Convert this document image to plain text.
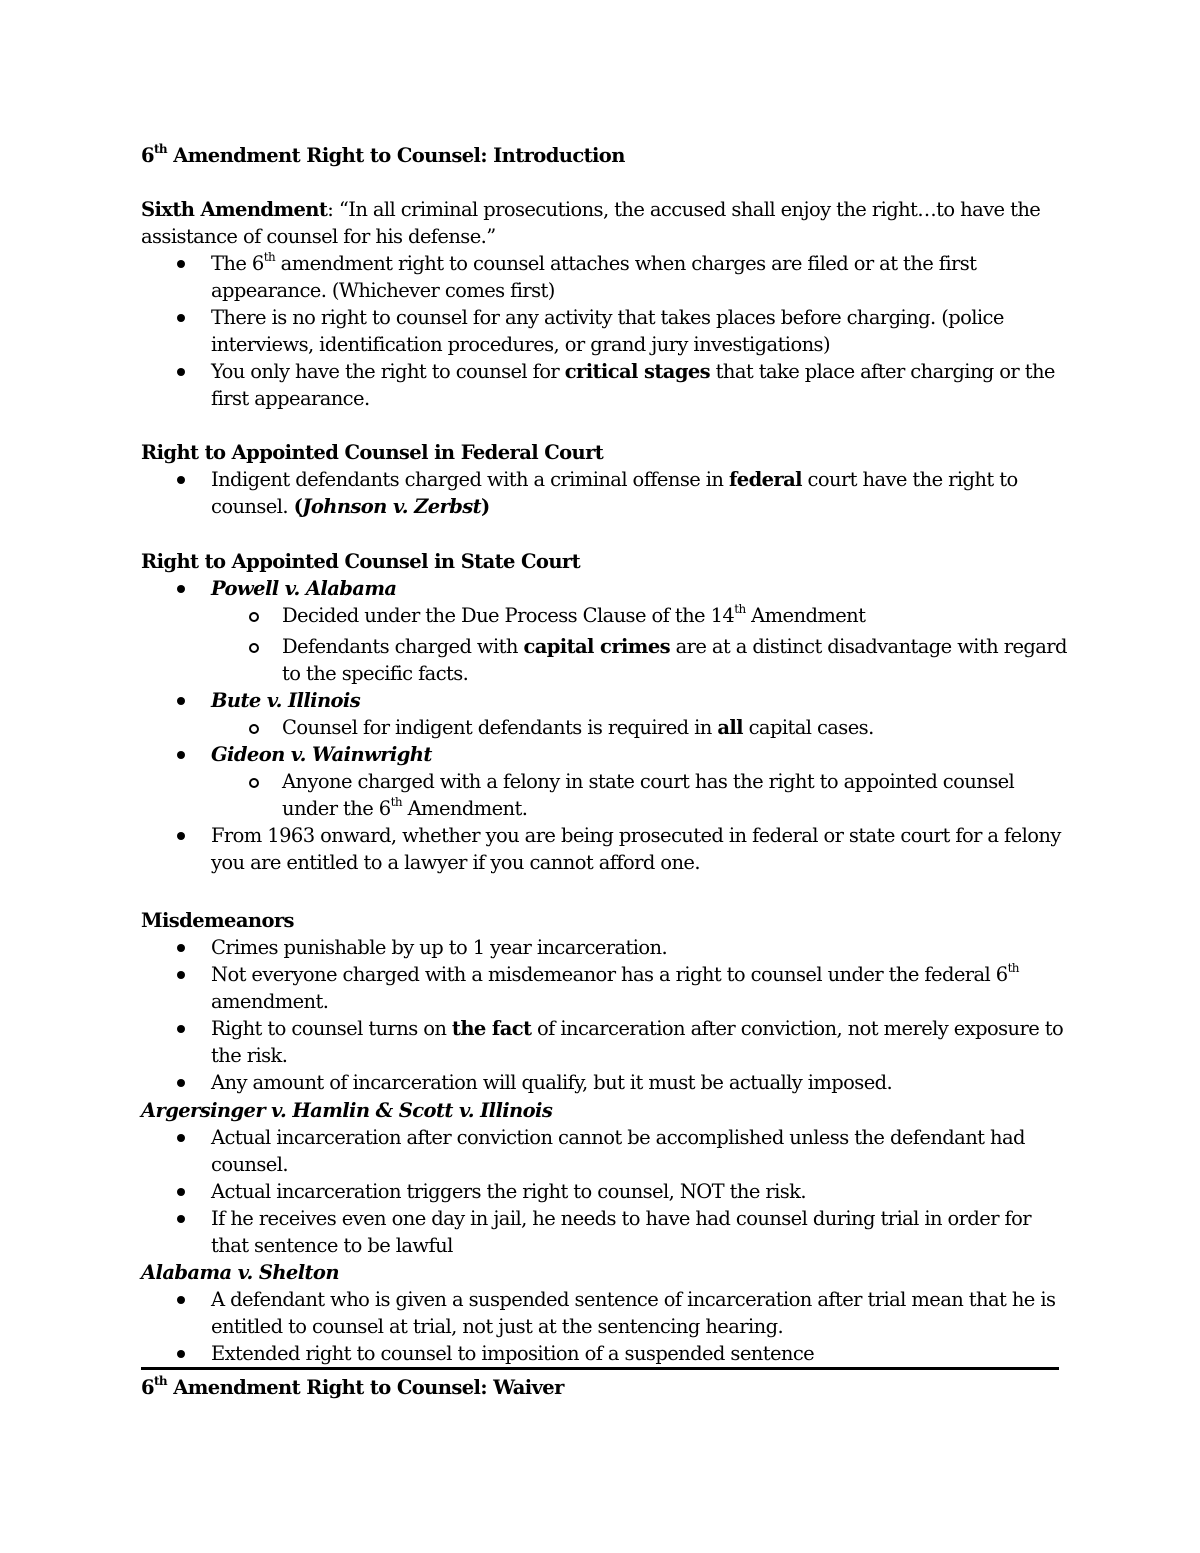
6th Amendment Right to Counsel: Introduction
Sixth Amendment: “In all criminal prosecutions, the accused shall enjoy the right…to have the assistance of counsel for his defense.”
The 6th amendment right to counsel attaches when charges are filed or at the first appearance. (Whichever comes first)
There is no right to counsel for any activity that takes places before charging. (police interviews, identification procedures, or grand jury investigations)
You only have the right to counsel for critical stages that take place after charging or the first appearance.
Right to Appointed Counsel in Federal Court
Indigent defendants charged with a criminal offense in federal court have the right to counsel. (Johnson v. Zerbst)
Right to Appointed Counsel in State Court
Powell v. Alabama
Decided under the Due Process Clause of the 14th Amendment
Defendants charged with capital crimes are at a distinct disadvantage with regard to the specific facts.
Bute v. Illinois
Counsel for indigent defendants is required in all capital cases.
Gideon v. Wainwright
Anyone charged with a felony in state court has the right to appointed counsel under the 6th Amendment.
From 1963 onward, whether you are being prosecuted in federal or state court for a felony you are entitled to a lawyer if you cannot afford one.
Misdemeanors
Crimes punishable by up to 1 year incarceration.
Not everyone charged with a misdemeanor has a right to counsel under the federal 6th amendment.
Right to counsel turns on the fact of incarceration after conviction, not merely exposure to the risk.
Any amount of incarceration will qualify, but it must be actually imposed.
Argersinger v. Hamlin & Scott v. Illinois
Actual incarceration after conviction cannot be accomplished unless the defendant had counsel.
Actual incarceration triggers the right to counsel, NOT the risk.
If he receives even one day in jail, he needs to have had counsel during trial in order for that sentence to be lawful
Alabama v. Shelton
A defendant who is given a suspended sentence of incarceration after trial mean that he is entitled to counsel at trial, not just at the sentencing hearing.
Extended right to counsel to imposition of a suspended sentence
6th Amendment Right to Counsel: Waiver
